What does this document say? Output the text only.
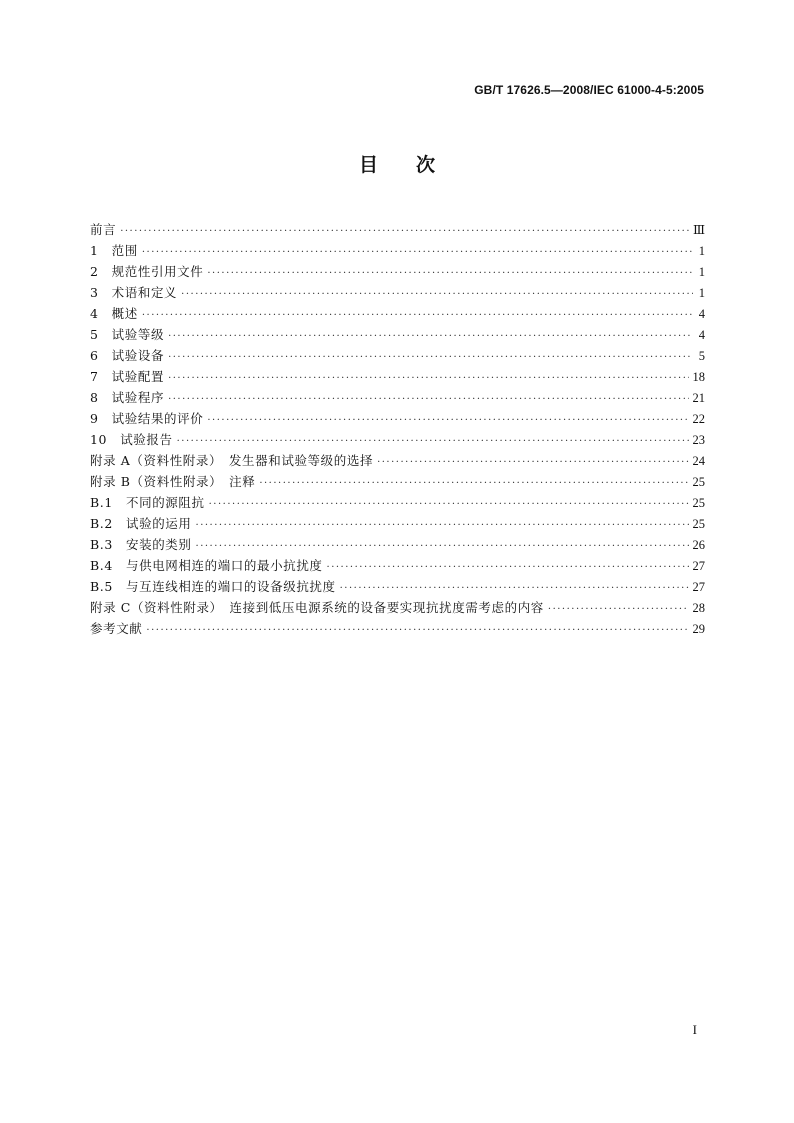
GB/T 17626.5—2008/IEC 61000-4-5:2005
目 次
前言 ·····	Ⅲ
1　范围 ·····	1
2　规范性引用文件 ·····	1
3　术语和定义 ·····	1
4　概述 ·····	4
5　试验等级 ·····	4
6　试验设备 ·····	5
7　试验配置 ·····	18
8　试验程序 ·····	21
9　试验结果的评价 ·····	22
10　试验报告 ·····	23
附录 A（资料性附录）　发生器和试验等级的选择 ·····	24
附录 B（资料性附录）　注释 ·····	25
B.1　不同的源阻抗 ·····	25
B.2　试验的运用 ·····	25
B.3　安装的类别 ·····	26
B.4　与供电网相连的端口的最小抗扰度 ·····	27
B.5　与互连线相连的端口的设备级抗扰度 ·····	27
附录 C（资料性附录）　连接到低压电源系统的设备要实现抗扰度需考虑的内容 ·····	28
参考文献 ·····	29
I
